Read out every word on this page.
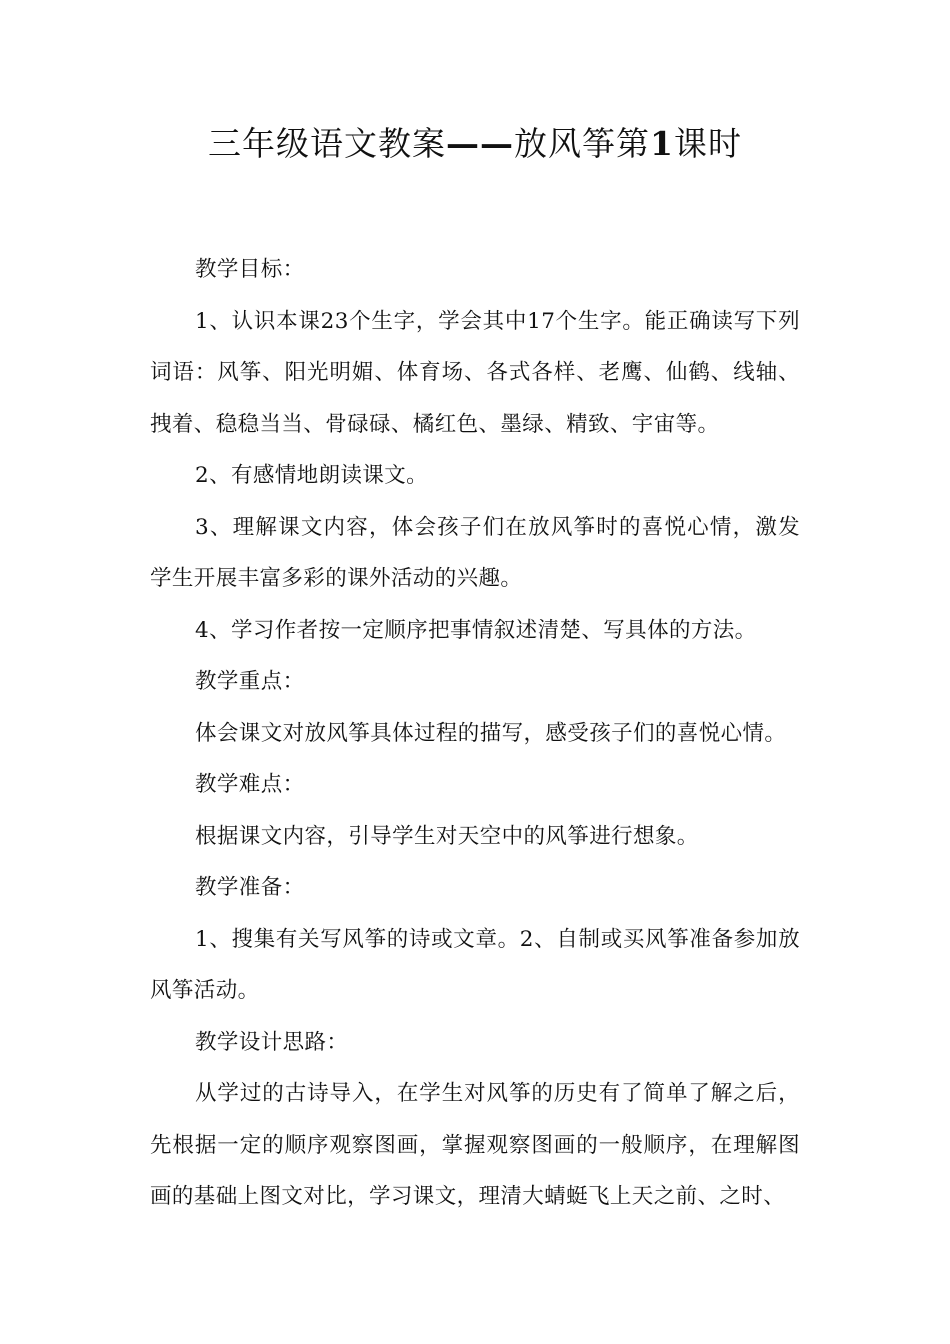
三年级语文教案——放风筝第1课时

教学目标：

1、认识本课23个生字，学会其中17个生字。能正确读写下列词语：风筝、阳光明媚、体育场、各式各样、老鹰、仙鹤、线轴、拽着、稳稳当当、骨碌碌、橘红色、墨绿、精致、宇宙等。

2、有感情地朗读课文。

3、理解课文内容，体会孩子们在放风筝时的喜悦心情，激发学生开展丰富多彩的课外活动的兴趣。

4、学习作者按一定顺序把事情叙述清楚、写具体的方法。

教学重点：

体会课文对放风筝具体过程的描写，感受孩子们的喜悦心情。

教学难点：

根据课文内容，引导学生对天空中的风筝进行想象。

教学准备：

1、搜集有关写风筝的诗或文章。2、自制或买风筝准备参加放风筝活动。

教学设计思路：

从学过的古诗导入，在学生对风筝的历史有了简单了解之后，先根据一定的顺序观察图画，掌握观察图画的一般顺序，在理解图画的基础上图文对比，学习课文，理清大蜻蜓飞上天之前、之时、
